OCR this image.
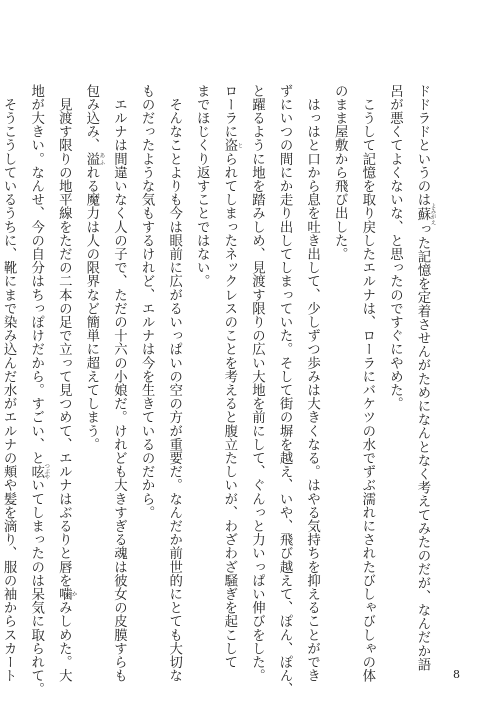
ドドラドというのは蘇 よみがえった記憶を定着させんがためになんとなく考えてみたのだが、なんだか語
呂が悪くてよくないな、と思ったのですぐにやめた。
　こうして記憶を取り戻したエルナは、ローラにバケツの水でずぶ濡れにされたびしゃびしゃの体
のまま屋敷から飛び出した。
　はっはと口から息を吐き出して、少しずつ歩みは大きくなる。はやる気持ちを抑えることができ
ずにいつの間にか走り出してしまっていた。そして街の塀を越え、いや、飛び越えて、ぽん、ぽん、
と躍るように地を踏みしめ、見渡す限りの広い大地を前にして、ぐんっと力いっぱい伸びをした。
ローラに盗 とられてしまったネックレスのことを考えると腹立たしいが、わざわざ騒ぎを起こして
までほじくり返すことではない。
　そんなことよりも今は眼前に広がるいっぱいの空の方が重要だ。なんだか前世的にとても大切な
ものだったような気もするけれど、エルナは今を生きているのだから。
　エルナは間違いなく人の子で、ただの十六の小娘だ。けれども大きすぎる魂は彼女の皮膜すらも
包み込み、溢 あふれる魔力は人の限界など簡単に超えてしまう。
　見渡す限りの地平線をただの二本の足で立って見つめて、エルナはぶるりと唇を噛 かみしめた。大
地が大きい。なんせ、今の自分はちっぽけだから。すごい、と呟 つぶやいてしまったのは呆気に取られて。
　そうこうしているうちに、靴にまで染み込んだ水がエルナの頬や髪を滴り、服の袖からスカート	8
